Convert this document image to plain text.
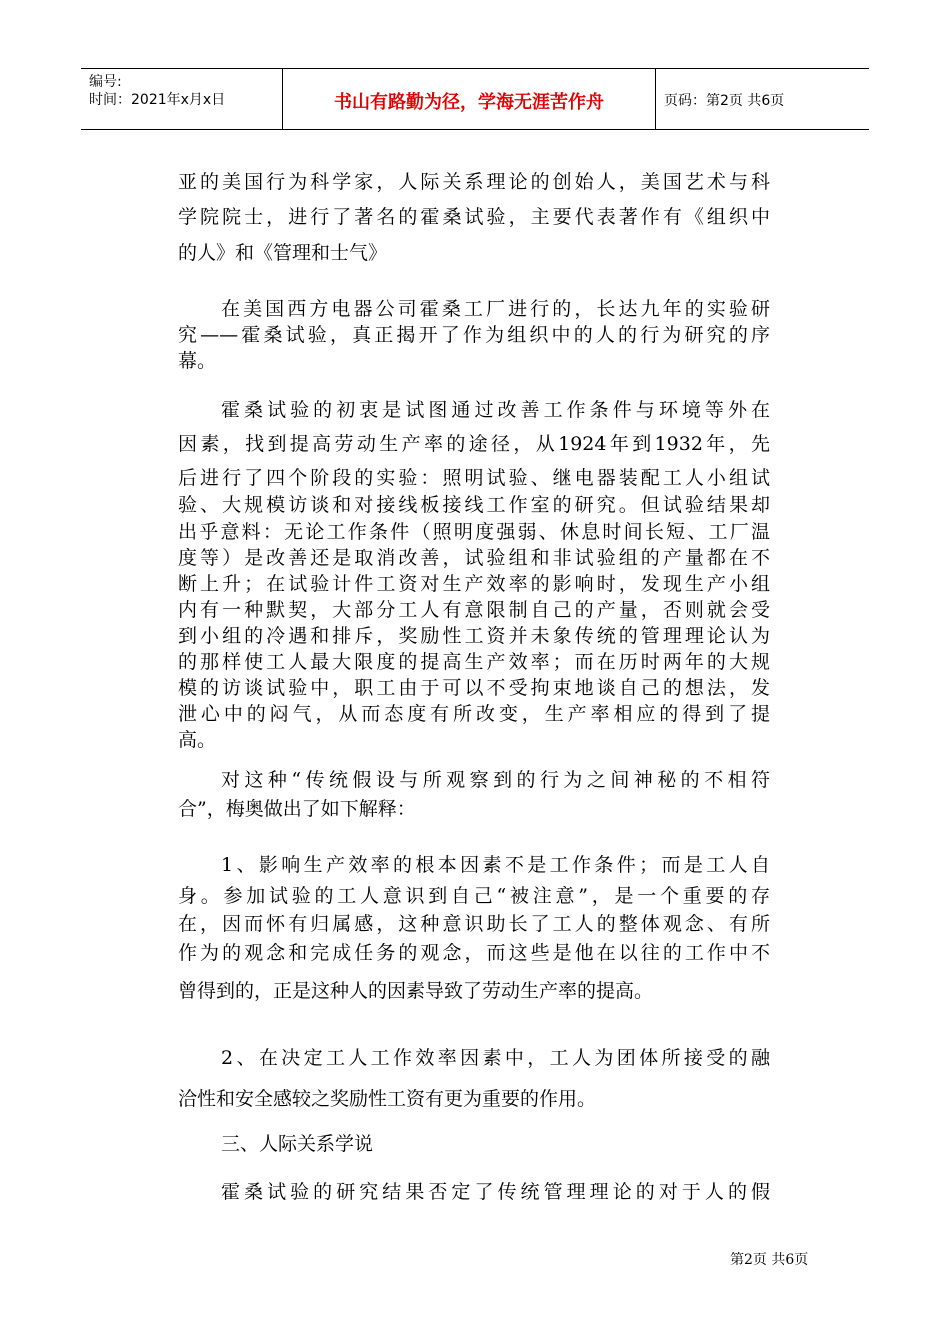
编号:
时间：2021年x月x日	书山有路勤为径，学海无涯苦作舟	页码：第2页 共6页
亚的美国行为科学家，人际关系理论的创始人，美国艺术与科
学院院士，进行了著名的霍桑试验，主要代表著作有《组织中
的人》和《管理和士气》
在美国西方电器公司霍桑工厂进行的，长达九年的实验研
究——霍桑试验，真正揭开了作为组织中的人的行为研究的序
幕。
霍桑试验的初衷是试图通过改善工作条件与环境等外在
因素，找到提高劳动生产率的途径，从1924年到1932年，先
后进行了四个阶段的实验：照明试验、继电器装配工人小组试
验、大规模访谈和对接线板接线工作室的研究。但试验结果却
出乎意料：无论工作条件（照明度强弱、休息时间长短、工厂温
度等）是改善还是取消改善，试验组和非试验组的产量都在不
断上升；在试验计件工资对生产效率的影响时，发现生产小组
内有一种默契，大部分工人有意限制自己的产量，否则就会受
到小组的冷遇和排斥，奖励性工资并未象传统的管理理论认为
的那样使工人最大限度的提高生产效率；而在历时两年的大规
模的访谈试验中，职工由于可以不受拘束地谈自己的想法，发
泄心中的闷气，从而态度有所改变，生产率相应的得到了提
高。
对这种“传统假设与所观察到的行为之间神秘的不相符
合”，梅奥做出了如下解释：
1、影响生产效率的根本因素不是工作条件；而是工人自
身。参加试验的工人意识到自己“被注意”，是一个重要的存
在，因而怀有归属感，这种意识助长了工人的整体观念、有所
作为的观念和完成任务的观念，而这些是他在以往的工作中不
曾得到的，正是这种人的因素导致了劳动生产率的提高。
2、在决定工人工作效率因素中，工人为团体所接受的融
洽性和安全感较之奖励性工资有更为重要的作用。
三、人际关系学说
霍桑试验的研究结果否定了传统管理理论的对于人的假
第2页 共6页
